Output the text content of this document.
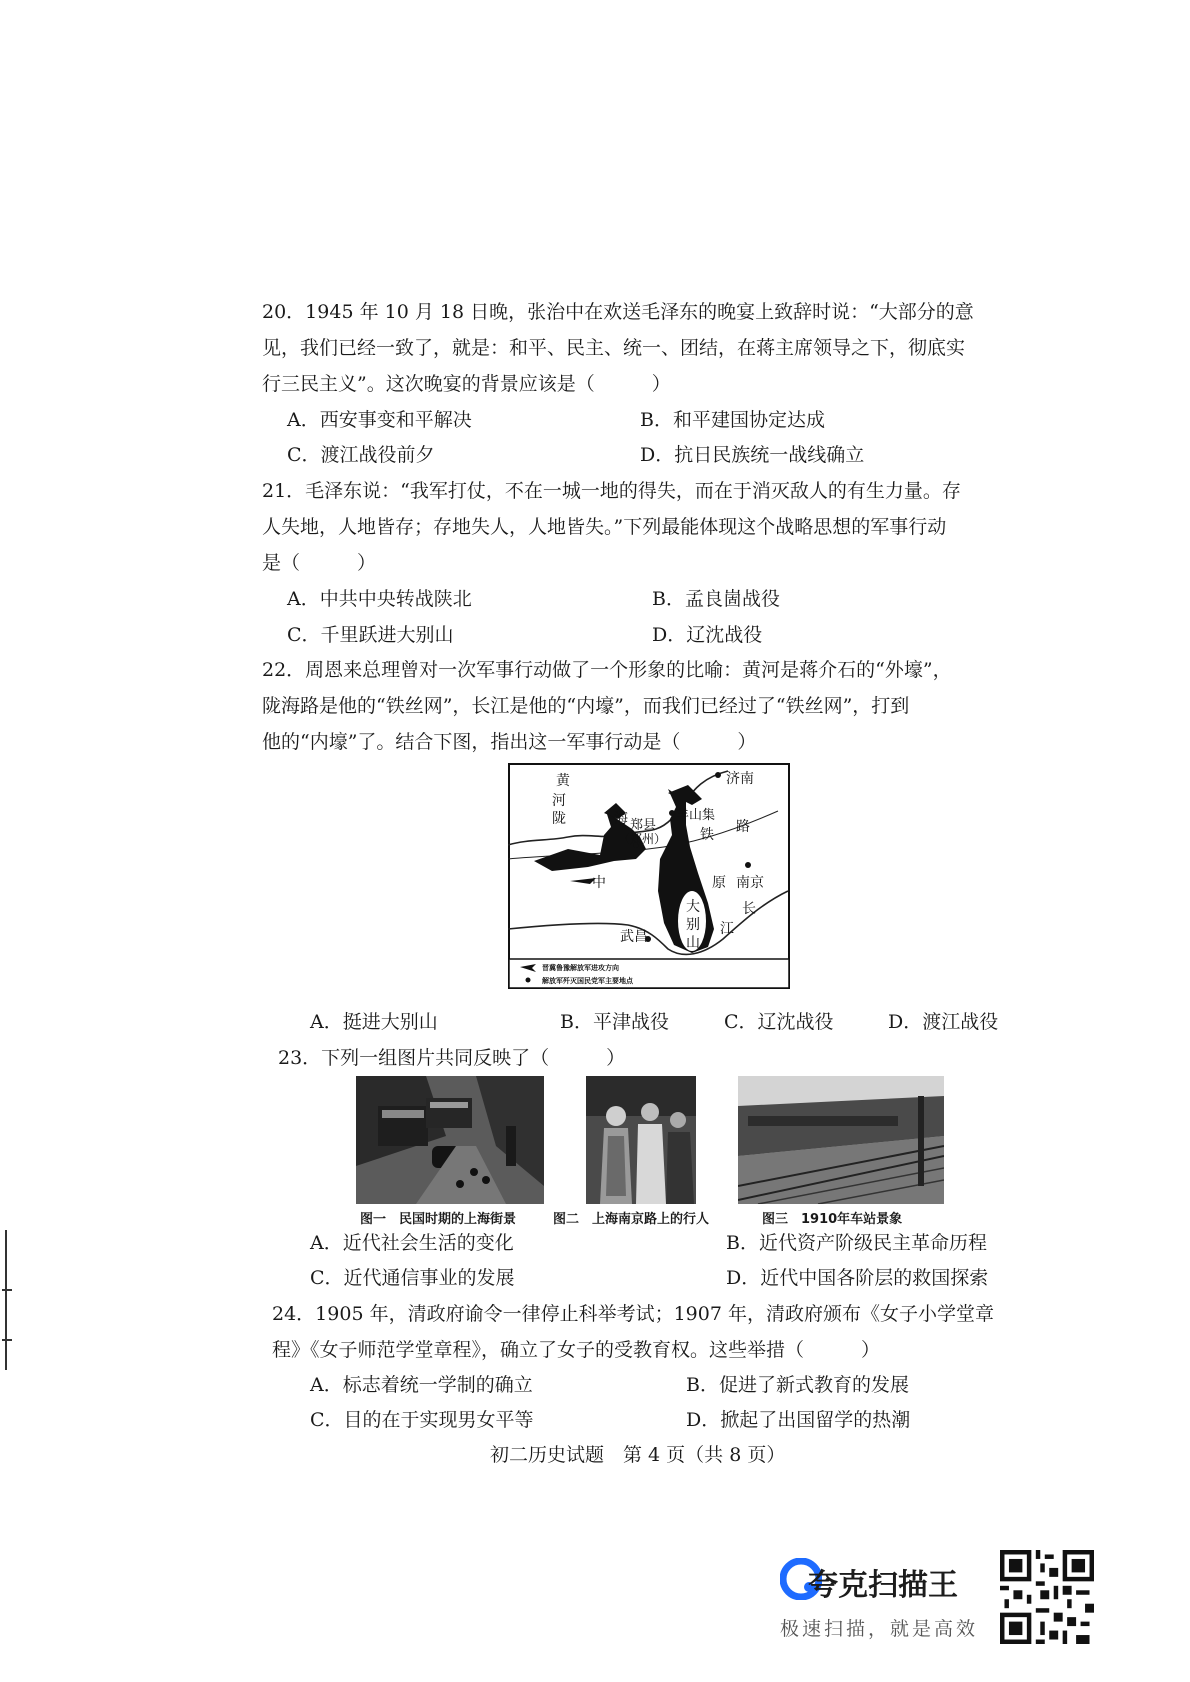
20．1945 年 10 月 18 日晚，张治中在欢送毛泽东的晚宴上致辞时说：“大部分的意
见，我们已经一致了，就是：和平、民主、统一、团结，在蒋主席领导之下，彻底实
行三民主义”。这次晚宴的背景应该是（　　　）
A．西安事变和平解决	B．和平建国协定达成
C．渡江战役前夕	D．抗日民族统一战线确立
21．毛泽东说：“我军打仗，不在一城一地的得失，而在于消灭敌人的有生力量。存
人失地，人地皆存；存地失人，人地皆失。”下列最能体现这个战略思想的军事行动
是（　　　）
A．中共中央转战陕北	B．孟良崮战役
C．千里跃进大别山	D．辽沈战役
22．周恩来总理曾对一次军事行动做了一个形象的比喻：黄河是蒋介石的“外壕”，
陇海路是他的“铁丝网”，长江是他的“内壕”，而我们已经过了“铁丝网”，打到
他的“内壕”了。结合下图，指出这一军事行动是（　　　）
黄
河
陇	海 郑县
（郑州）
济南
羊山集
铁 路
中	原 南京
长
江
武昌
大
别
山
晋冀鲁豫解放军进攻方向
解放军歼灭国民党军主要地点
A．挺进大别山	B．平津战役	C．辽沈战役	D．渡江战役
23．下列一组图片共同反映了（　　　）
图一　民国时期的上海街景	图二　上海南京路上的行人	图三　1910年车站景象
A．近代社会生活的变化	B．近代资产阶级民主革命历程
C．近代通信事业的发展	D．近代中国各阶层的救国探索
24．1905 年，清政府谕令一律停止科举考试；1907 年，清政府颁布《女子小学堂章
程》《女子师范学堂章程》，确立了女子的受教育权。这些举措（　　　）
A．标志着统一学制的确立	B．促进了新式教育的发展
C．目的在于实现男女平等	D．掀起了出国留学的热潮
初二历史试题　第 4 页（共 8 页）
夸克扫描王
极速扫描，就是高效
